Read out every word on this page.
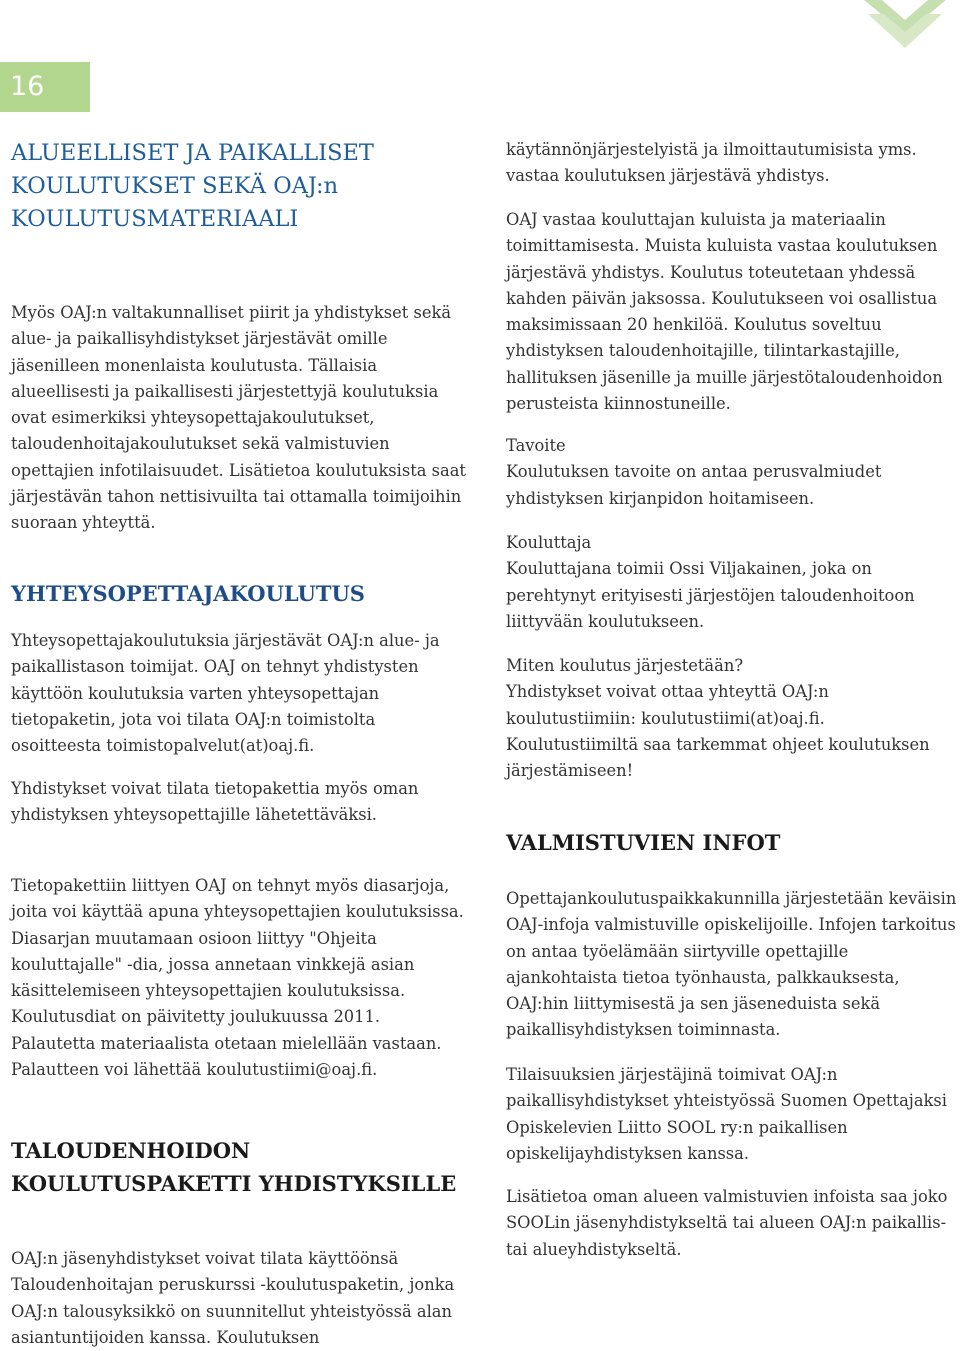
16
ALUEELLISET JA PAIKALLISET
KOULUTUKSET SEKÄ OAJ:n
KOULUTUSMATERIAALI

Myös OAJ:n valtakunnalliset piirit ja yhdistykset sekä
alue- ja paikallisyhdistykset järjestävät omille
jäsenilleen monenlaista koulutusta. Tällaisia
alueellisesti ja paikallisesti järjestettyjä koulutuksia
ovat esimerkiksi yhteysopettajakoulutukset,
taloudenhoitajakoulutukset sekä valmistuvien
opettajien infotilaisuudet. Lisätietoa koulutuksista saat
järjestävän tahon nettisivuilta tai ottamalla toimijoihin
suoraan yhteyttä.

YHTEYSOPETTAJAKOULUTUS

Yhteysopettajakoulutuksia järjestävät OAJ:n alue- ja
paikallistason toimijat. OAJ on tehnyt yhdistysten
käyttöön koulutuksia varten yhteysopettajan
tietopaketin, jota voi tilata OAJ:n toimistolta
osoitteesta toimistopalvelut(at)oaj.fi.

Yhdistykset voivat tilata tietopakettia myös oman
yhdistyksen yhteysopettajille lähetettäväksi.

Tietopakettiin liittyen OAJ on tehnyt myös diasarjoja,
joita voi käyttää apuna yhteysopettajien koulutuksissa.
Diasarjan muutamaan osioon liittyy "Ohjeita
kouluttajalle" -dia, jossa annetaan vinkkejä asian
käsittelemiseen yhteysopettajien koulutuksissa.
Koulutusdiat on päivitetty joulukuussa 2011.
Palautetta materiaalista otetaan mielellään vastaan.
Palautteen voi lähettää koulutustiimi@oaj.fi.

TALOUDENHOIDON
KOULUTUSPAKETTI YHDISTYKSILLE

OAJ:n jäsenyhdistykset voivat tilata käyttöönsä
Taloudenhoitajan peruskurssi -koulutuspaketin, jonka
OAJ:n talousyksikkö on suunnitellut yhteistyössä alan
asiantuntijoiden kanssa. Koulutuksen

käytännönjärjestelyistä ja ilmoittautumisista yms.
vastaa koulutuksen järjestävä yhdistys.

OAJ vastaa kouluttajan kuluista ja materiaalin
toimittamisesta. Muista kuluista vastaa koulutuksen
järjestävä yhdistys. Koulutus toteutetaan yhdessä
kahden päivän jaksossa. Koulutukseen voi osallistua
maksimissaan 20 henkilöä. Koulutus soveltuu
yhdistyksen taloudenhoitajille, tilintarkastajille,
hallituksen jäsenille ja muille järjestötaloudenhoidon
perusteista kiinnostuneille.

Tavoite
Koulutuksen tavoite on antaa perusvalmiudet
yhdistyksen kirjanpidon hoitamiseen.

Kouluttaja
Kouluttajana toimii Ossi Viljakainen, joka on
perehtynyt erityisesti järjestöjen taloudenhoitoon
liittyvään koulutukseen.

Miten koulutus järjestetään?
Yhdistykset voivat ottaa yhteyttä OAJ:n
koulutustiimiin: koulutustiimi(at)oaj.fi.
Koulutustiimiltä saa tarkemmat ohjeet koulutuksen
järjestämiseen!

VALMISTUVIEN INFOT

Opettajankoulutuspaikkakunnilla järjestetään keväisin
OAJ-infoja valmistuville opiskelijoille. Infojen tarkoitus
on antaa työelämään siirtyville opettajille
ajankohtaista tietoa työnhausta, palkkauksesta,
OAJ:hin liittymisestä ja sen jäseneduista sekä
paikallisyhdistyksen toiminnasta.

Tilaisuuksien järjestäjinä toimivat OAJ:n
paikallisyhdistykset yhteistyössä Suomen Opettajaksi
Opiskelevien Liitto SOOL ry:n paikallisen
opiskelijayhdistyksen kanssa.

Lisätietoa oman alueen valmistuvien infoista saa joko
SOOLin jäsenyhdistykseltä tai alueen OAJ:n paikallis-
tai alueyhdistykseltä.
